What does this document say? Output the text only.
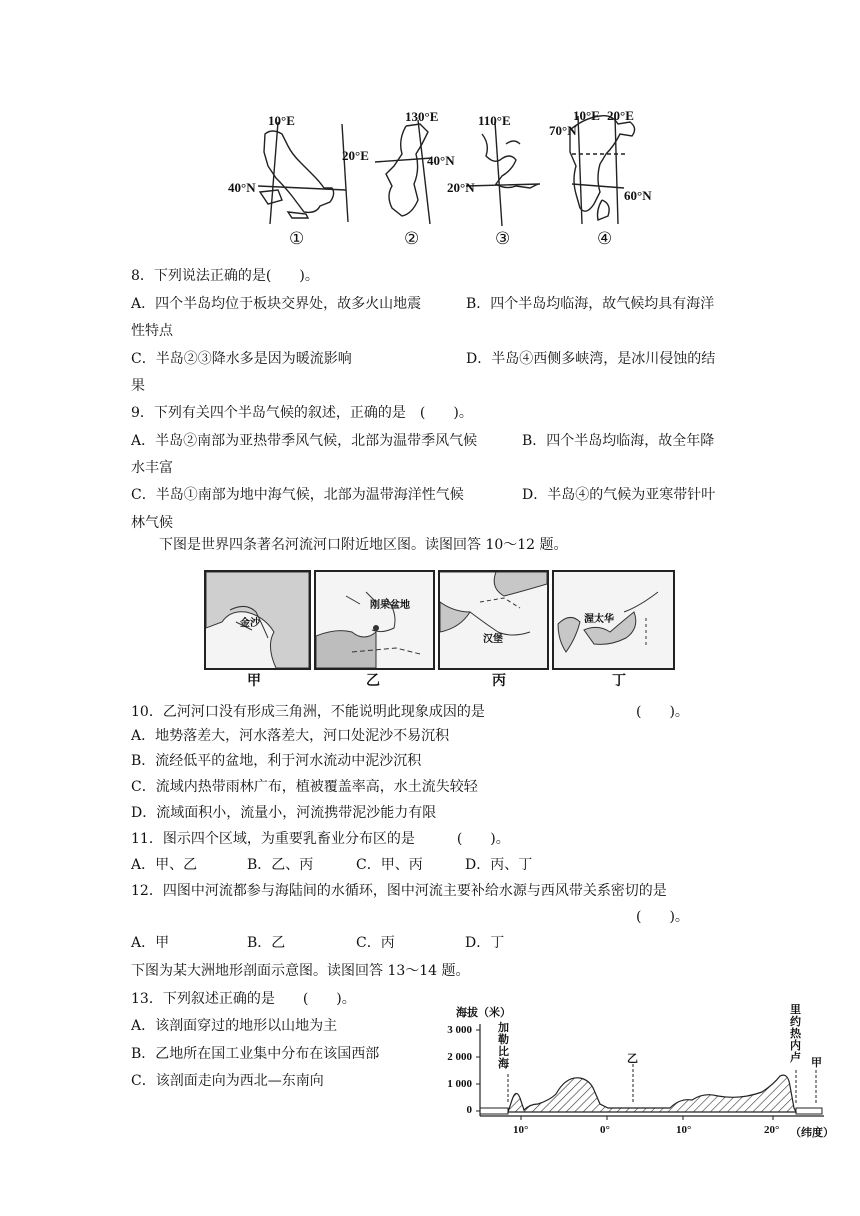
10°E
40°N
130°E
20°E	40°N
110°E
20°N
10°E 20°E
70°N
60°N
①	②	③	④
8．下列说法正确的是(　　)。
A．四个半岛均位于板块交界处，故多火山地震	B．四个半岛均临海，故气候均具有海洋
性特点
C．半岛②③降水多是因为暖流影响	D．半岛④西侧多峡湾，是冰川侵蚀的结
果
9．下列有关四个半岛气候的叙述，正确的是　(　　)。
A．半岛②南部为亚热带季风气候，北部为温带季风气候	B．四个半岛均临海，故全年降
水丰富
C．半岛①南部为地中海气候，北部为温带海洋性气候	D．半岛④的气候为亚寒带针叶
林气候
下图是世界四条著名河流河口附近地区图。读图回答 10～12 题。
金沙
刚果盆地
汉堡
渥太华
甲	乙	丙	丁
10．乙河河口没有形成三角洲，不能说明此现象成因的是	(　　)。
A．地势落差大，河水落差大，河口处泥沙不易沉积
B．流经低平的盆地，利于河水流动中泥沙沉积
C．流域内热带雨林广布，植被覆盖率高，水土流失较轻
D．流域面积小，流量小，河流携带泥沙能力有限
11．图示四个区域，为重要乳畜业分布区的是　　　(　　)。
A．甲、乙	B．乙、丙	C．甲、丙	D．丙、丁
12．四图中河流都参与海陆间的水循环，图中河流主要补给水源与西风带关系密切的是
(　　)。
A．甲	B．乙	C．丙	D．丁
下图为某大洲地形剖面示意图。读图回答 13～14 题。
13．下列叙述正确的是　　(　　)。
A．该剖面穿过的地形以山地为主
B．乙地所在国工业集中分布在该国西部
C．该剖面走向为西北—东南向
海拔（米）
3 000
2 000
1 000
0
10°	0°	10°	20° （纬度）
加勒比海	乙
里约热内卢 甲
